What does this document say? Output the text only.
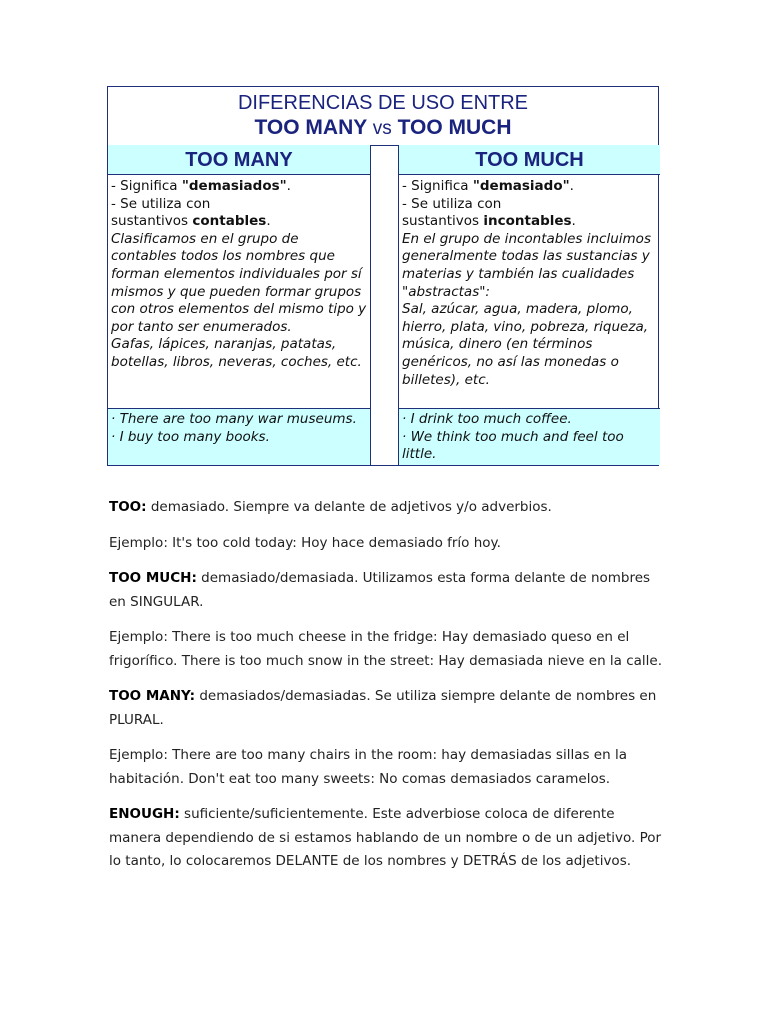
DIFERENCIAS DE USO ENTRE
TOO MANY vs TOO MUCH
TOO MANY

- Significa "demasiados".

- Se utiliza con

sustantivos contables.

Clasificamos en el grupo de contables todos los nombres que forman elementos individuales por sí mismos y que pueden formar grupos con otros elementos del mismo tipo y por tanto ser enumerados.

Gafas, lápices, naranjas, patatas, botellas, libros, neveras, coches, etc.

· There are too many war museums.

· I buy too many books.

TOO MUCH

- Significa "demasiado".

- Se utiliza con

sustantivos incontables.

En el grupo de incontables incluimos generalmente todas las sustancias y materias y también las cualidades "abstractas":

Sal, azúcar, agua, madera, plomo, hierro, plata, vino, pobreza, riqueza, música, dinero (en términos genéricos, no así las monedas o billetes), etc.

· I drink too much coffee.

· We think too much and feel too little.

TOO: demasiado. Siempre va delante de adjetivos y/o adverbios.

Ejemplo: It's too cold today: Hoy hace demasiado frío hoy.

TOO MUCH: demasiado/demasiada. Utilizamos esta forma delante de nombres en SINGULAR.

Ejemplo: There is too much cheese in the fridge: Hay demasiado queso en el frigorífico. There is too much snow in the street: Hay demasiada nieve en la calle.

TOO MANY: demasiados/demasiadas. Se utiliza siempre delante de nombres en PLURAL.

Ejemplo: There are too many chairs in the room: hay demasiadas sillas en la habitación. Don't eat too many sweets: No comas demasiados caramelos.

ENOUGH: suficiente/suficientemente. Este adverbiose coloca de diferente manera dependiendo de si estamos hablando de un nombre o de un adjetivo. Por lo tanto, lo colocaremos DELANTE de los nombres y DETRÁS de los adjetivos.
